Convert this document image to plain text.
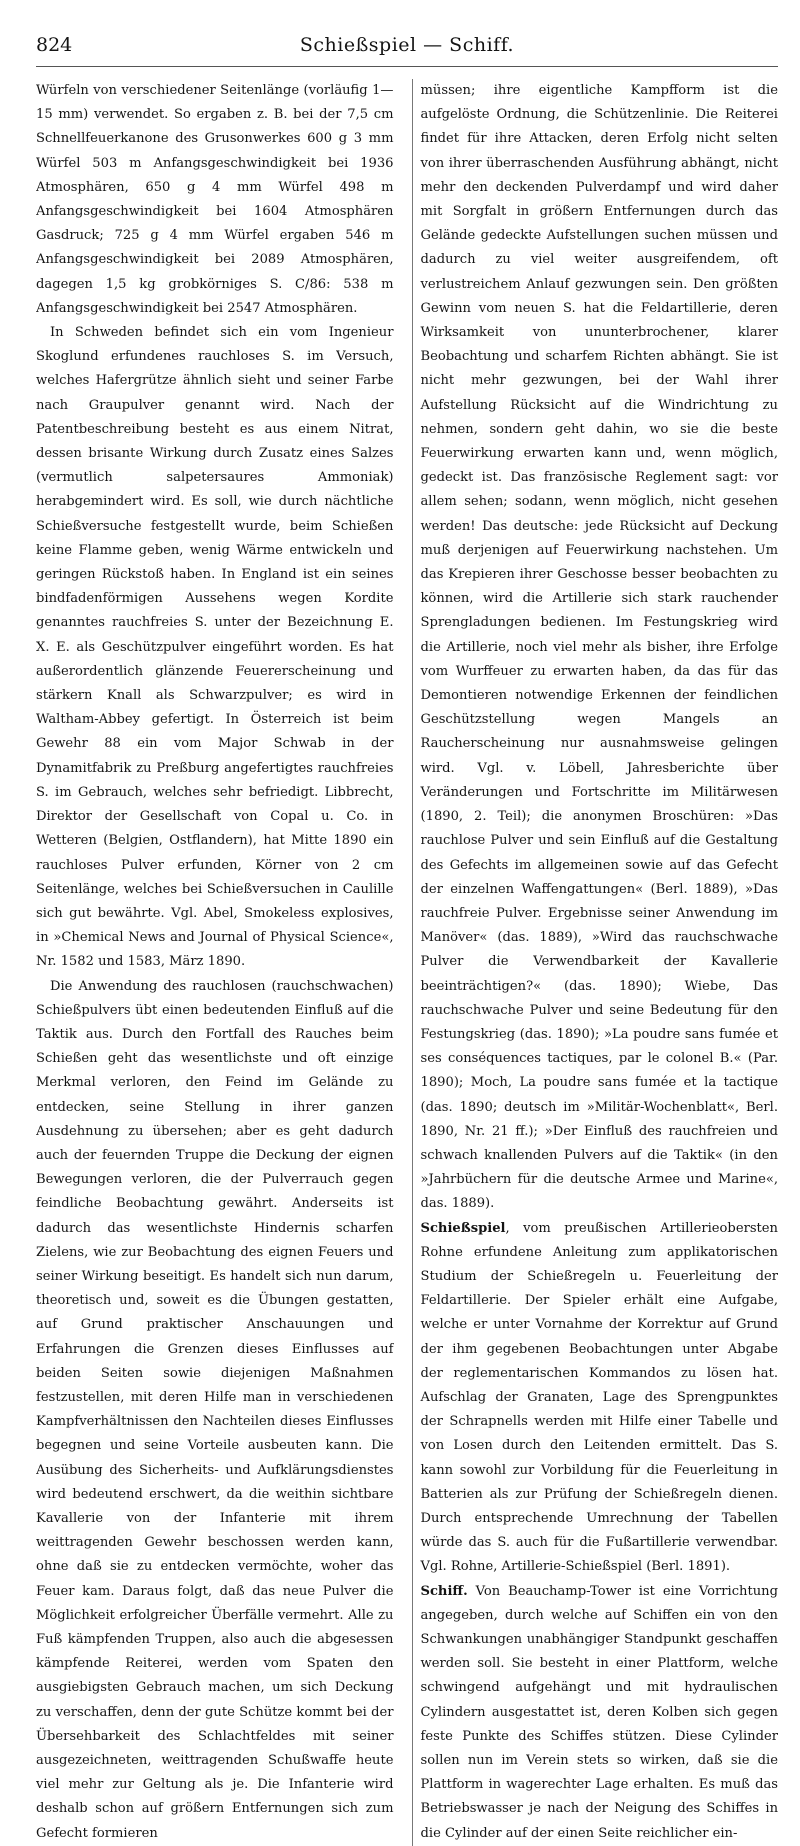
824	Schießspiel — Schiff.

Würfeln von verschiedener Seitenlänge (vorläufig 1—15 mm) verwendet. So ergaben z. B. bei der 7,5 cm Schnellfeuerkanone des Grusonwerkes 600 g 3 mm Würfel 503 m Anfangsgeschwindigkeit bei 1936 Atmosphären, 650 g 4 mm Würfel 498 m Anfangsgeschwindigkeit bei 1604 Atmosphären Gasdruck; 725 g 4 mm Würfel ergaben 546 m Anfangsgeschwindigkeit bei 2089 Atmosphären, dagegen 1,5 kg grobkörniges S. C/86: 538 m Anfangsgeschwindigkeit bei 2547 Atmosphären.

In Schweden befindet sich ein vom Ingenieur Skoglund erfundenes rauchloses S. im Versuch, welches Hafergrütze ähnlich sieht und seiner Farbe nach Graupulver genannt wird. Nach der Patentbeschreibung besteht es aus einem Nitrat, dessen brisante Wirkung durch Zusatz eines Salzes (vermutlich salpetersaures Ammoniak) herabgemindert wird. Es soll, wie durch nächtliche Schießversuche festgestellt wurde, beim Schießen keine Flamme geben, wenig Wärme entwickeln und geringen Rückstoß haben. In England ist ein seines bindfadenförmigen Aussehens wegen Kordite genanntes rauchfreies S. unter der Bezeichnung E. X. E. als Geschützpulver eingeführt worden. Es hat außerordentlich glänzende Feuererscheinung und stärkern Knall als Schwarzpulver; es wird in Waltham-Abbey gefertigt. In Österreich ist beim Gewehr 88 ein vom Major Schwab in der Dynamitfabrik zu Preßburg angefertigtes rauchfreies S. im Gebrauch, welches sehr befriedigt. Libbrecht, Direktor der Gesellschaft von Copal u. Co. in Wetteren (Belgien, Ostflandern), hat Mitte 1890 ein rauchloses Pulver erfunden, Körner von 2 cm Seitenlänge, welches bei Schießversuchen in Caulille sich gut bewährte. Vgl. Abel, Smokeless explosives, in »Chemical News and Journal of Physical Science«, Nr. 1582 und 1583, März 1890.

Die Anwendung des rauchlosen (rauchschwachen) Schießpulvers übt einen bedeutenden Einfluß auf die Taktik aus. Durch den Fortfall des Rauches beim Schießen geht das wesentlichste und oft einzige Merkmal verloren, den Feind im Gelände zu entdecken, seine Stellung in ihrer ganzen Ausdehnung zu übersehen; aber es geht dadurch auch der feuernden Truppe die Deckung der eignen Bewegungen verloren, die der Pulverrauch gegen feindliche Beobachtung gewährt. Anderseits ist dadurch das wesentlichste Hindernis scharfen Zielens, wie zur Beobachtung des eignen Feuers und seiner Wirkung beseitigt. Es handelt sich nun darum, theoretisch und, soweit es die Übungen gestatten, auf Grund praktischer Anschauungen und Erfahrungen die Grenzen dieses Einflusses auf beiden Seiten sowie diejenigen Maßnahmen festzustellen, mit deren Hilfe man in verschiedenen Kampfverhältnissen den Nachteilen dieses Einflusses begegnen und seine Vorteile ausbeuten kann. Die Ausübung des Sicherheits- und Aufklärungsdienstes wird bedeutend erschwert, da die weithin sichtbare Kavallerie von der Infanterie mit ihrem weittragenden Gewehr beschossen werden kann, ohne daß sie zu entdecken vermöchte, woher das Feuer kam. Daraus folgt, daß das neue Pulver die Möglichkeit erfolgreicher Überfälle vermehrt. Alle zu Fuß kämpfenden Truppen, also auch die abgesessen kämpfende Reiterei, werden vom Spaten den ausgiebigsten Gebrauch machen, um sich Deckung zu verschaffen, denn der gute Schütze kommt bei der Übersehbarkeit des Schlachtfeldes mit seiner ausgezeichneten, weittragenden Schußwaffe heute viel mehr zur Geltung als je. Die Infanterie wird deshalb schon auf größern Entfernungen sich zum Gefecht formieren

müssen; ihre eigentliche Kampfform ist die aufgelöste Ordnung, die Schützenlinie. Die Reiterei findet für ihre Attacken, deren Erfolg nicht selten von ihrer überraschenden Ausführung abhängt, nicht mehr den deckenden Pulverdampf und wird daher mit Sorgfalt in größern Entfernungen durch das Gelände gedeckte Aufstellungen suchen müssen und dadurch zu viel weiter ausgreifendem, oft verlustreichem Anlauf gezwungen sein. Den größten Gewinn vom neuen S. hat die Feldartillerie, deren Wirksamkeit von ununterbrochener, klarer Beobachtung und scharfem Richten abhängt. Sie ist nicht mehr gezwungen, bei der Wahl ihrer Aufstellung Rücksicht auf die Windrichtung zu nehmen, sondern geht dahin, wo sie die beste Feuerwirkung erwarten kann und, wenn möglich, gedeckt ist. Das französische Reglement sagt: vor allem sehen; sodann, wenn möglich, nicht gesehen werden! Das deutsche: jede Rücksicht auf Deckung muß derjenigen auf Feuerwirkung nachstehen. Um das Krepieren ihrer Geschosse besser beobachten zu können, wird die Artillerie sich stark rauchender Sprengladungen bedienen. Im Festungskrieg wird die Artillerie, noch viel mehr als bisher, ihre Erfolge vom Wurffeuer zu erwarten haben, da das für das Demontieren notwendige Erkennen der feindlichen Geschützstellung wegen Mangels an Raucherscheinung nur ausnahmsweise gelingen wird. Vgl. v. Löbell, Jahresberichte über Veränderungen und Fortschritte im Militärwesen (1890, 2. Teil); die anonymen Broschüren: »Das rauchlose Pulver und sein Einfluß auf die Gestaltung des Gefechts im allgemeinen sowie auf das Gefecht der einzelnen Waffengattungen« (Berl. 1889), »Das rauchfreie Pulver. Ergebnisse seiner Anwendung im Manöver« (das. 1889), »Wird das rauchschwache Pulver die Verwendbarkeit der Kavallerie beeinträchtigen?« (das. 1890); Wiebe, Das rauchschwache Pulver und seine Bedeutung für den Festungskrieg (das. 1890); »La poudre sans fumée et ses conséquences tactiques, par le colonel B.« (Par. 1890); Moch, La poudre sans fumée et la tactique (das. 1890; deutsch im »Militär-Wochenblatt«, Berl. 1890, Nr. 21 ff.); »Der Einfluß des rauchfreien und schwach knallenden Pulvers auf die Taktik« (in den »Jahrbüchern für die deutsche Armee und Marine«, das. 1889).

Schießspiel, vom preußischen Artillerieobersten Rohne erfundene Anleitung zum applikatorischen Studium der Schießregeln u. Feuerleitung der Feldartillerie. Der Spieler erhält eine Aufgabe, welche er unter Vornahme der Korrektur auf Grund der ihm gegebenen Beobachtungen unter Abgabe der reglementarischen Kommandos zu lösen hat. Aufschlag der Granaten, Lage des Sprengpunktes der Schrapnells werden mit Hilfe einer Tabelle und von Losen durch den Leitenden ermittelt. Das S. kann sowohl zur Vorbildung für die Feuerleitung in Batterien als zur Prüfung der Schießregeln dienen. Durch entsprechende Umrechnung der Tabellen würde das S. auch für die Fußartillerie verwendbar. Vgl. Rohne, Artillerie-Schießspiel (Berl. 1891).

Schiff. Von Beauchamp-Tower ist eine Vorrichtung angegeben, durch welche auf Schiffen ein von den Schwankungen unabhängiger Standpunkt geschaffen werden soll. Sie besteht in einer Plattform, welche schwingend aufgehängt und mit hydraulischen Cylindern ausgestattet ist, deren Kolben sich gegen feste Punkte des Schiffes stützen. Diese Cylinder sollen nun im Verein stets so wirken, daß sie die Plattform in wagerechter Lage erhalten. Es muß das Betriebswasser je nach der Neigung des Schiffes in die Cylinder auf der einen Seite reichlicher ein-
